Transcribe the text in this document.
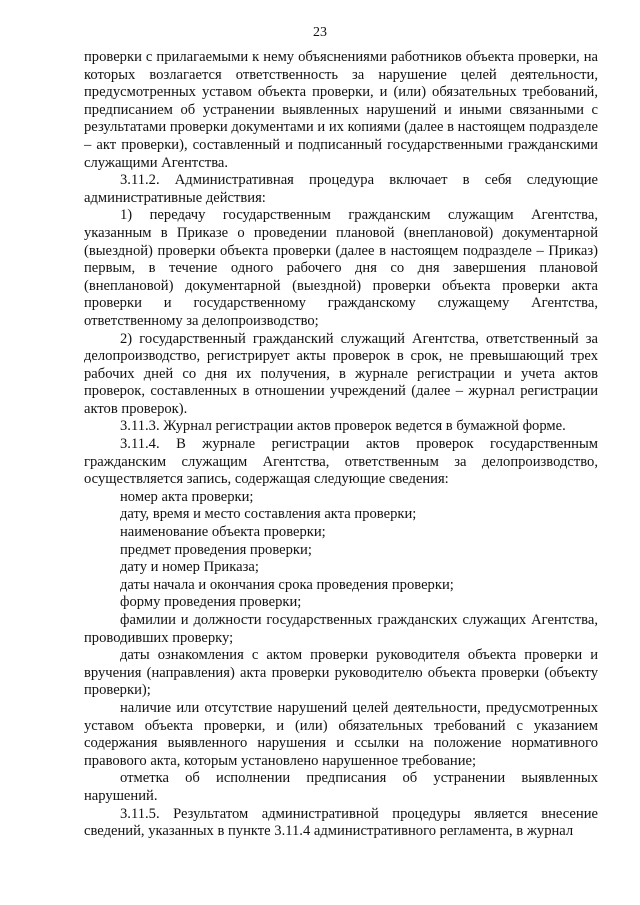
23

проверки с прилагаемыми к нему объяснениями работников объекта проверки, на которых возлагается ответственность за нарушение целей деятельности, предусмотренных уставом объекта проверки, и (или) обязательных требований, предписанием об устранении выявленных нарушений и иными связанными с результатами проверки документами и их копиями (далее в настоящем подразделе – акт проверки), составленный и подписанный государственными гражданскими служащими Агентства.

3.11.2. Административная процедура включает в себя следующие административные действия:

1) передачу государственным гражданским служащим Агентства, указанным в Приказе о проведении плановой (внеплановой) документарной (выездной) проверки объекта проверки (далее в настоящем подразделе – Приказ) первым, в течение одного рабочего дня со дня завершения плановой (внеплановой) документарной (выездной) проверки объекта проверки акта проверки и государственному гражданскому служащему Агентства, ответственному за делопроизводство;

2) государственный гражданский служащий Агентства, ответственный за делопроизводство, регистрирует акты проверок в срок, не превышающий трех рабочих дней со дня их получения, в журнале регистрации и учета актов проверок, составленных в отношении учреждений (далее – журнал регистрации актов проверок).

3.11.3. Журнал регистрации актов проверок ведется в бумажной форме.

3.11.4. В журнале регистрации актов проверок государственным гражданским служащим Агентства, ответственным за делопроизводство, осуществляется запись, содержащая следующие сведения:

номер акта проверки;

дату, время и место составления акта проверки;

наименование объекта проверки;

предмет проведения проверки;

дату и номер Приказа;

даты начала и окончания срока проведения проверки;

форму проведения проверки;

фамилии и должности государственных гражданских служащих Агентства, проводивших проверку;

даты ознакомления с актом проверки руководителя объекта проверки и вручения (направления) акта проверки руководителю объекта проверки (объекту проверки);

наличие или отсутствие нарушений целей деятельности, предусмотренных уставом объекта проверки, и (или) обязательных требований с указанием содержания выявленного нарушения и ссылки на положение нормативного правового акта, которым установлено нарушенное требование;

отметка об исполнении предписания об устранении выявленных нарушений.

3.11.5. Результатом административной процедуры является внесение сведений, указанных в пункте 3.11.4 административного регламента, в журнал
